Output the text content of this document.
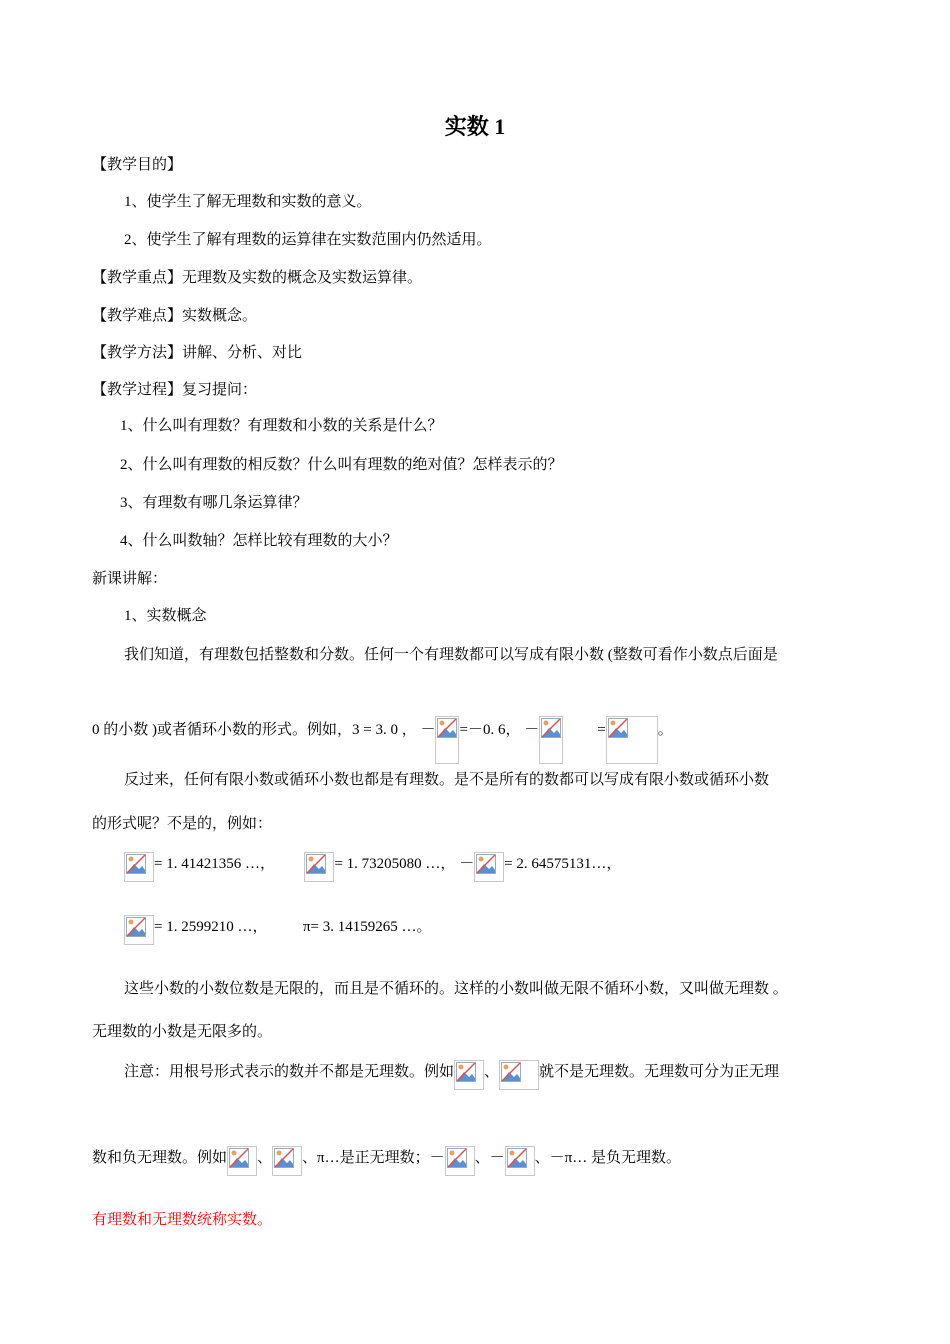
实数 1
【教学目的】
1、使学生了解无理数和实数的意义。
2、使学生了解有理数的运算律在实数范围内仍然适用。
【教学重点】无理数及实数的概念及实数运算律。
【教学难点】实数概念。
【教学方法】讲解、分析、对比
【教学过程】复习提问：
1、什么叫有理数？有理数和小数的关系是什么？
2、什么叫有理数的相反数？什么叫有理数的绝对值？怎样表示的？
3、有理数有哪几条运算律？
4、什么叫数轴？怎样比较有理数的大小？
新课讲解：
1、实数概念
我们知道，有理数包括整数和分数。任何一个有理数都可以写成有限小数 (整数可看作小数点后面是
0 的小数 )或者循环小数的形式。例如，3 = 3. 0 ， － =－0. 6， －	=	。
反过来，任何有限小数或循环小数也都是有理数。是不是所有的数都可以写成有限小数或循环小数
的形式呢？不是的，例如：
= 1. 41421356 …，	= 1. 73205080 …， － = 2. 64575131…，
= 1. 2599210 …， π= 3. 14159265 …。
这些小数的小数位数是无限的，而且是不循环的。这样的小数叫做无限不循环小数，又叫做无理数 。
无理数的小数是无限多的。
注意：用根号形式表示的数并不都是无理数。例如 、	就不是无理数。无理数可分为正无理
数和负无理数。例如 、 、π…是正无理数；－ 、－ 、－π… 是负无理数。
有理数和无理数统称实数。
